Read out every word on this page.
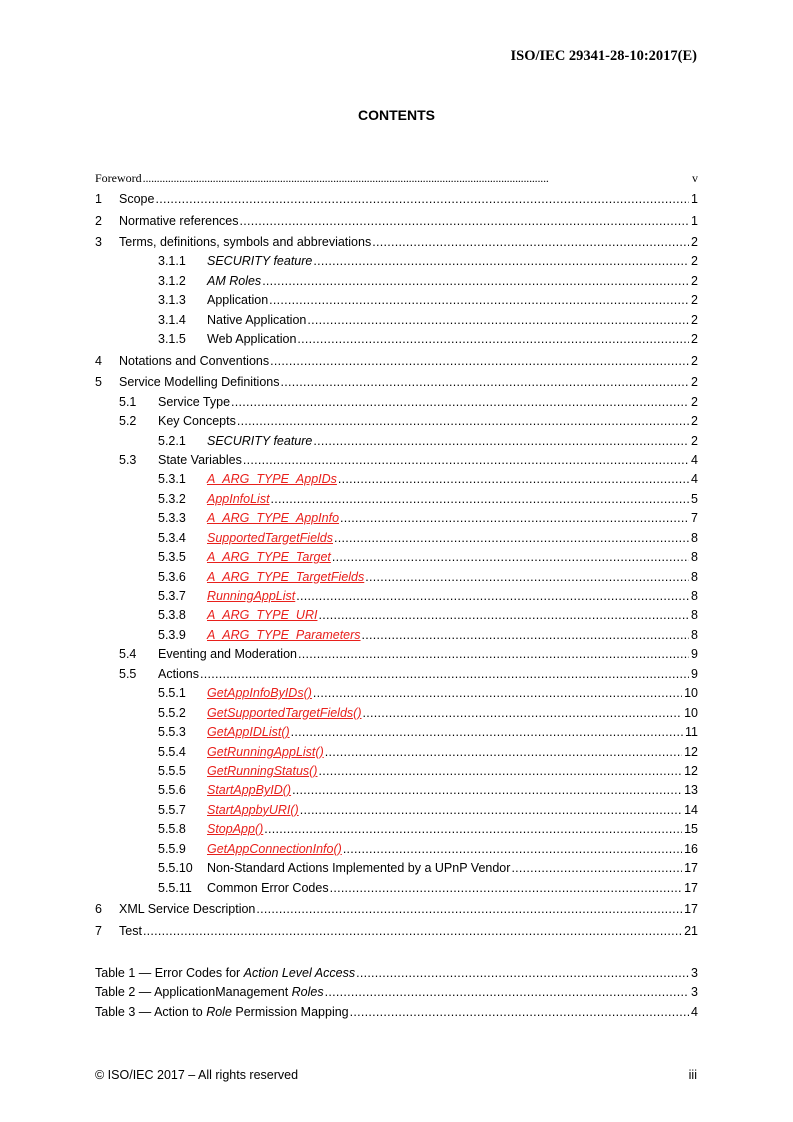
ISO/IEC 29341-28-10:2017(E)
CONTENTS
Foreword . . .	v
1	Scope . . .	1
2	Normative references . . .	1
3	Terms, definitions, symbols and abbreviations . . .	2
3.1.1	SECURITY feature . . .	2
3.1.2	AM Roles . . .	2
3.1.3	Application . . .	2
3.1.4	Native Application . . .	2
3.1.5	Web Application . . .	2
4	Notations and Conventions . . .	2
5	Service Modelling Definitions . . .	2
5.1	Service Type . . .	2
5.2	Key Concepts . . .	2
5.2.1	SECURITY feature . . .	2
5.3	State Variables . . .	4
5.3.1	A_ARG_TYPE_AppIDs . . .	4
5.3.2	AppInfoList . . .	5
5.3.3	A_ARG_TYPE_AppInfo . . .	7
5.3.4	SupportedTargetFields . . .	8
5.3.5	A_ARG_TYPE_Target . . .	8
5.3.6	A_ARG_TYPE_TargetFields . . .	8
5.3.7	RunningAppList . . .	8
5.3.8	A_ARG_TYPE_URI . . .	8
5.3.9	A_ARG_TYPE_Parameters . . .	8
5.4	Eventing and Moderation . . .	9
5.5	Actions . . .	9
5.5.1	GetAppInfoByIDs() . . .	10
5.5.2	GetSupportedTargetFields() . . .	10
5.5.3	GetAppIDList() . . .	11
5.5.4	GetRunningAppList() . . .	12
5.5.5	GetRunningStatus() . . .	12
5.5.6	StartAppByID() . . .	13
5.5.7	StartAppbyURI() . . .	14
5.5.8	StopApp() . . .	15
5.5.9	GetAppConnectionInfo() . . .	16
5.5.10	Non-Standard Actions Implemented by a UPnP Vendor . . .	17
5.5.11	Common Error Codes . . .	17
6	XML Service Description . . .	17
7	Test . . .	21
Table 1 — Error Codes for Action Level Access . . .	3
Table 2 — ApplicationManagement Roles . . .	3
Table 3 — Action to Role Permission Mapping . . .	4
© ISO/IEC 2017 – All rights reserved	iii
